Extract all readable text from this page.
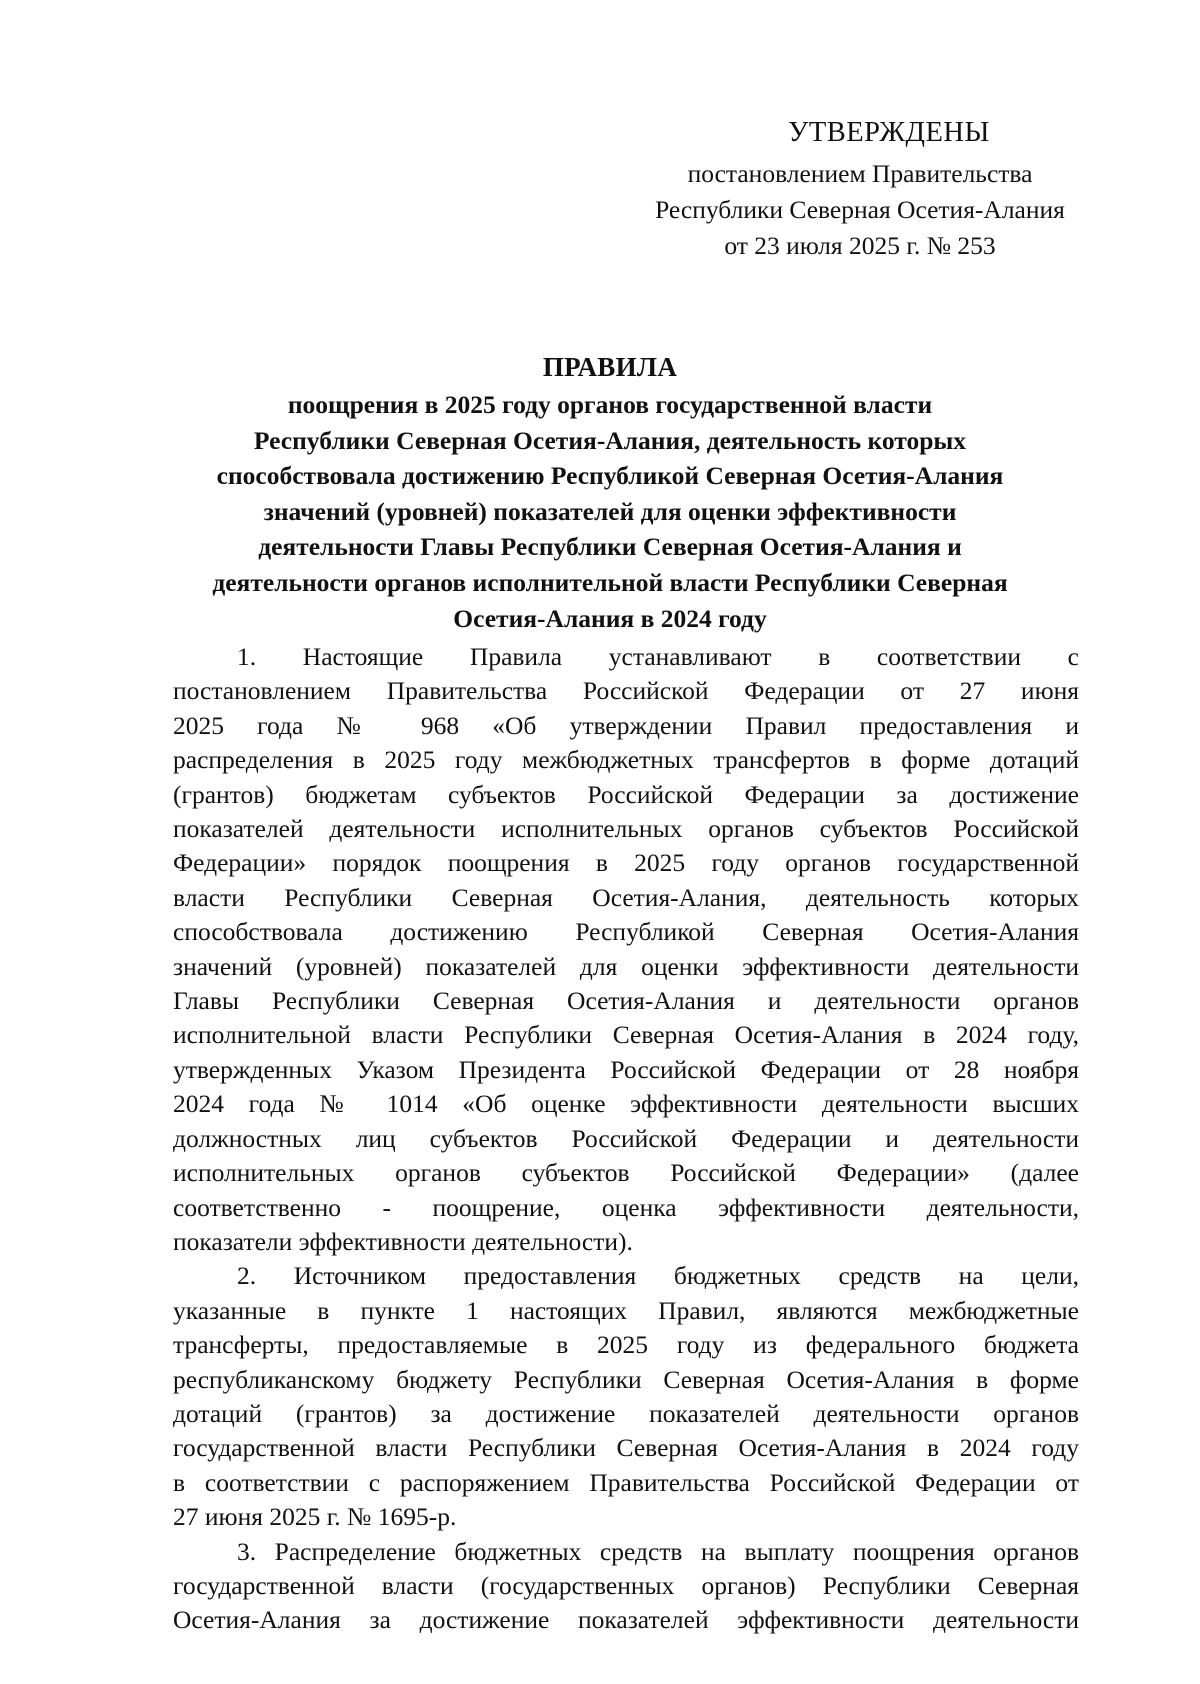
УТВЕРЖДЕНЫ
постановлением Правительства
Республики Северная Осетия-Алания
от 23 июля 2025 г. № 253
ПРАВИЛА
поощрения в 2025 году органов государственной власти
Республики Северная Осетия-Алания, деятельность которых
способствовала достижению Республикой Северная Осетия-Алания
значений (уровней) показателей для оценки эффективности
деятельности Главы Республики Северная Осетия-Алания и
деятельности органов исполнительной власти Республики Северная
Осетия-Алания в 2024 году
1. Настоящие Правила устанавливают в соответствии с
постановлением Правительства Российской Федерации от 27 июня
2025 года № 968 «Об утверждении Правил предоставления и
распределения в 2025 году межбюджетных трансфертов в форме дотаций
(грантов) бюджетам субъектов Российской Федерации за достижение
показателей деятельности исполнительных органов субъектов Российской
Федерации» порядок поощрения в 2025 году органов государственной
власти Республики Северная Осетия-Алания, деятельность которых
способствовала достижению Республикой Северная Осетия-Алания
значений (уровней) показателей для оценки эффективности деятельности
Главы Республики Северная Осетия-Алания и деятельности органов
исполнительной власти Республики Северная Осетия-Алания в 2024 году,
утвержденных Указом Президента Российской Федерации от 28 ноября
2024 года № 1014 «Об оценке эффективности деятельности высших
должностных лиц субъектов Российской Федерации и деятельности
исполнительных органов субъектов Российской Федерации» (далее
соответственно - поощрение, оценка эффективности деятельности,
показатели эффективности деятельности).
2. Источником предоставления бюджетных средств на цели,
указанные в пункте 1 настоящих Правил, являются межбюджетные
трансферты, предоставляемые в 2025 году из федерального бюджета
республиканскому бюджету Республики Северная Осетия-Алания в форме
дотаций (грантов) за достижение показателей деятельности органов
государственной власти Республики Северная Осетия-Алания в 2024 году
в соответствии с распоряжением Правительства Российской Федерации от
27 июня 2025 г. № 1695-р.
3. Распределение бюджетных средств на выплату поощрения органов
государственной власти (государственных органов) Республики Северная
Осетия-Алания за достижение показателей эффективности деятельности
